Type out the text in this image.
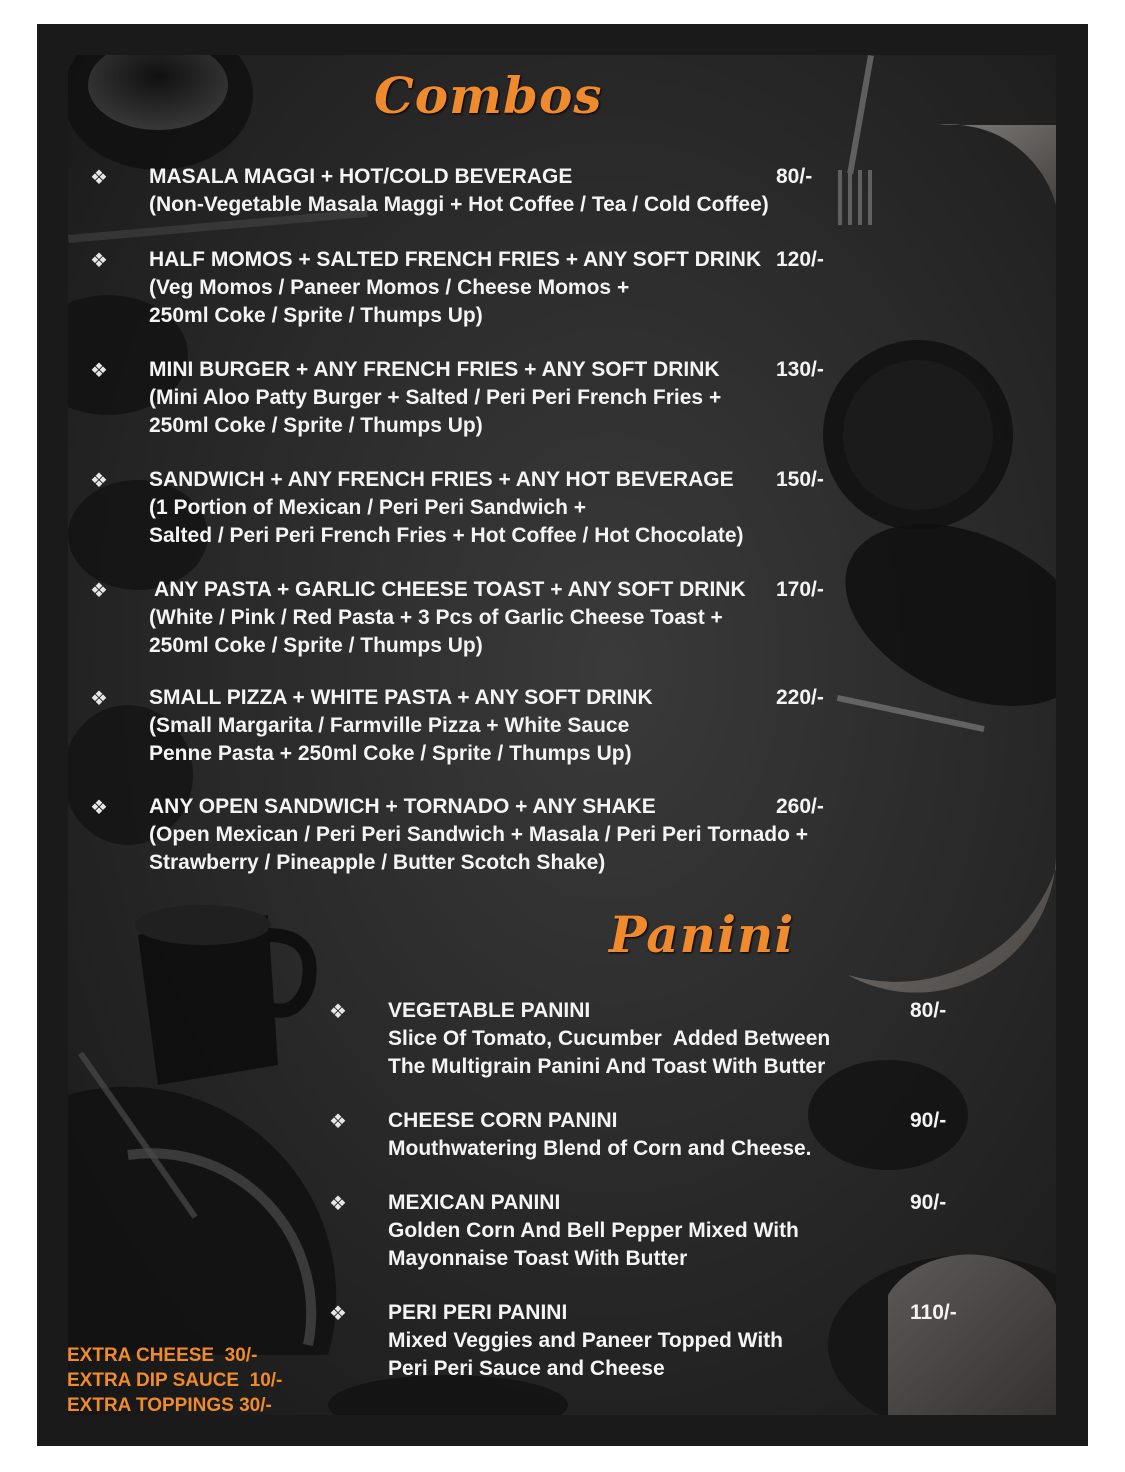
Combos
❖ MASALA MAGGI + HOT/COLD BEVERAGE
(Non-Vegetable Masala Maggi + Hot Coffee / Tea / Cold Coffee)
80/-
❖ HALF MOMOS + SALTED FRENCH FRIES + ANY SOFT DRINK
(Veg Momos / Paneer Momos / Cheese Momos +
250ml Coke / Sprite / Thumps Up)
120/-
❖ MINI BURGER + ANY FRENCH FRIES + ANY SOFT DRINK
(Mini Aloo Patty Burger + Salted / Peri Peri French Fries +
250ml Coke / Sprite / Thumps Up)
130/-
❖ SANDWICH + ANY FRENCH FRIES + ANY HOT BEVERAGE
(1 Portion of Mexican / Peri Peri Sandwich +
Salted / Peri Peri French Fries + Hot Coffee / Hot Chocolate)
150/-
❖ ANY PASTA + GARLIC CHEESE TOAST + ANY SOFT DRINK
(White / Pink / Red Pasta + 3 Pcs of Garlic Cheese Toast +
250ml Coke / Sprite / Thumps Up)
170/-
❖ SMALL PIZZA + WHITE PASTA + ANY SOFT DRINK
(Small Margarita / Farmville Pizza + White Sauce
Penne Pasta + 250ml Coke / Sprite / Thumps Up)
220/-
❖ ANY OPEN SANDWICH + TORNADO + ANY SHAKE
(Open Mexican / Peri Peri Sandwich + Masala / Peri Peri Tornado +
Strawberry / Pineapple / Butter Scotch Shake)
260/-
Panini
❖ VEGETABLE PANINI
Slice Of Tomato, Cucumber  Added Between
The Multigrain Panini And Toast With Butter
80/-
❖ CHEESE CORN PANINI
Mouthwatering Blend of Corn and Cheese.
90/-
❖ MEXICAN PANINI
Golden Corn And Bell Pepper Mixed With
Mayonnaise Toast With Butter
90/-
❖ PERI PERI PANINI
Mixed Veggies and Paneer Topped With
Peri Peri Sauce and Cheese
110/-
EXTRA CHEESE  30/-
EXTRA DIP SAUCE  10/-
EXTRA TOPPINGS 30/-
